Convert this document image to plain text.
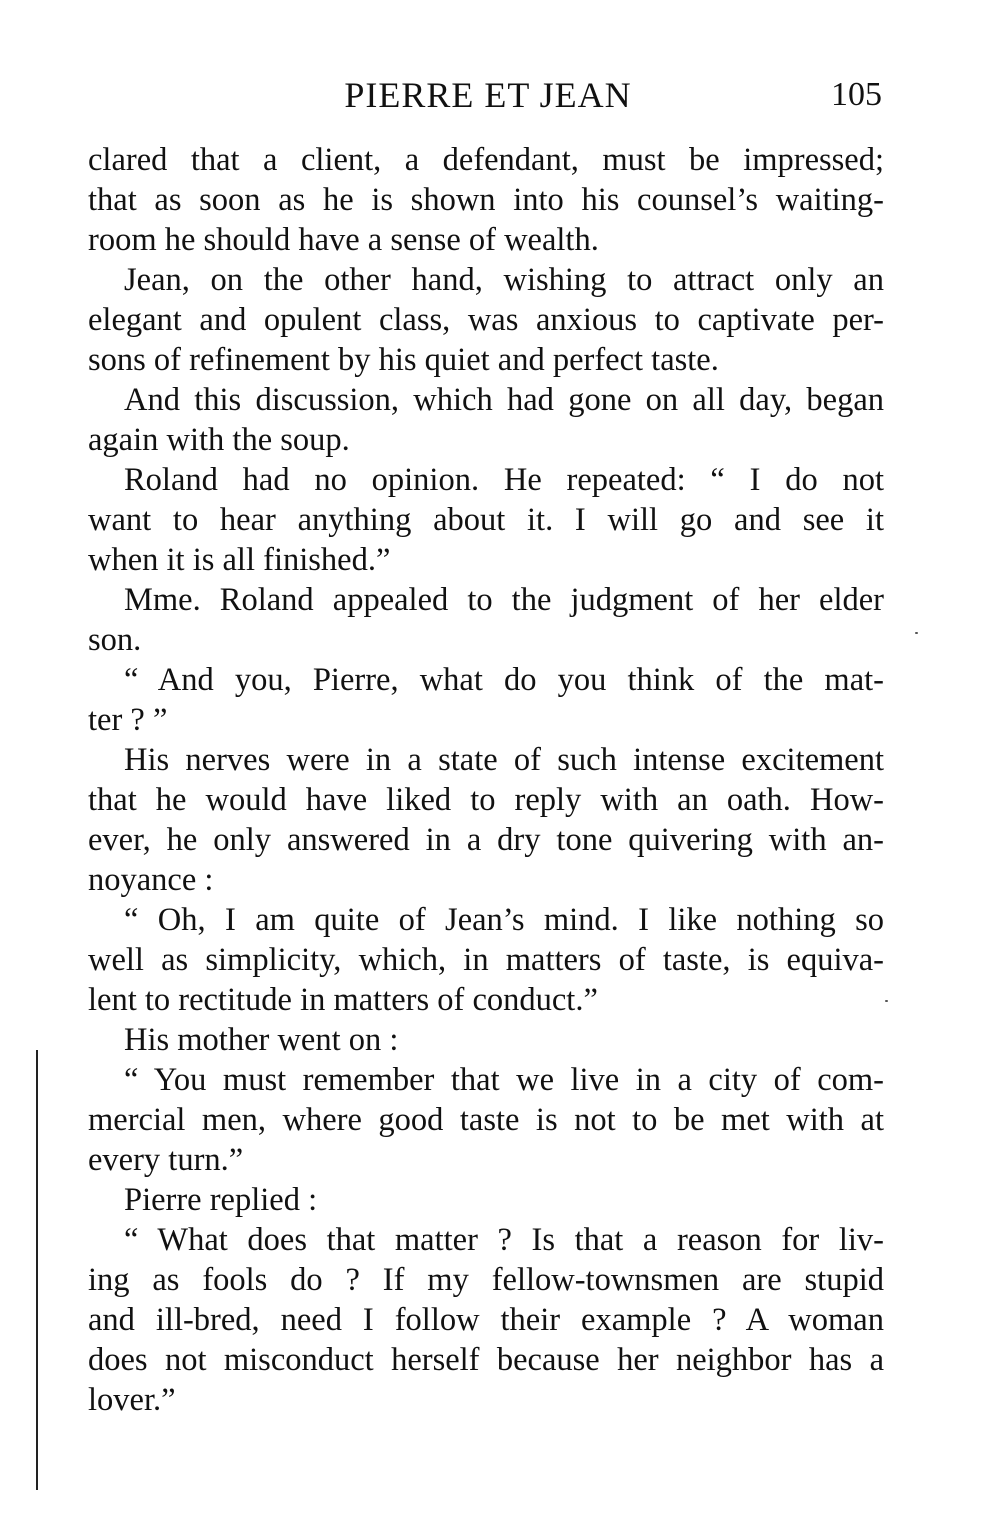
PIERRE ET JEAN	105
clared that a client, a defendant, must be impressed;
that as soon as he is shown into his counsel’s waiting-
room he should have a sense of wealth.
Jean, on the other hand, wishing to attract only an
elegant and opulent class, was anxious to captivate per-
sons of refinement by his quiet and perfect taste.
And this discussion, which had gone on all day, began
again with the soup.
Roland had no opinion. He repeated: “ I do not
want to hear anything about it. I will go and see it
when it is all finished.”
Mme. Roland appealed to the judgment of her elder
son.
“ And you, Pierre, what do you think of the mat-
ter ? ”
His nerves were in a state of such intense excitement
that he would have liked to reply with an oath. How-
ever, he only answered in a dry tone quivering with an-
noyance :
“ Oh, I am quite of Jean’s mind. I like nothing so
well as simplicity, which, in matters of taste, is equiva-
lent to rectitude in matters of conduct.”
His mother went on :
“ You must remember that we live in a city of com-
mercial men, where good taste is not to be met with at
every turn.”
Pierre replied :
“ What does that matter ? Is that a reason for liv-
ing as fools do ? If my fellow-townsmen are stupid
and ill-bred, need I follow their example ? A woman
does not misconduct herself because her neighbor has a
lover.”
